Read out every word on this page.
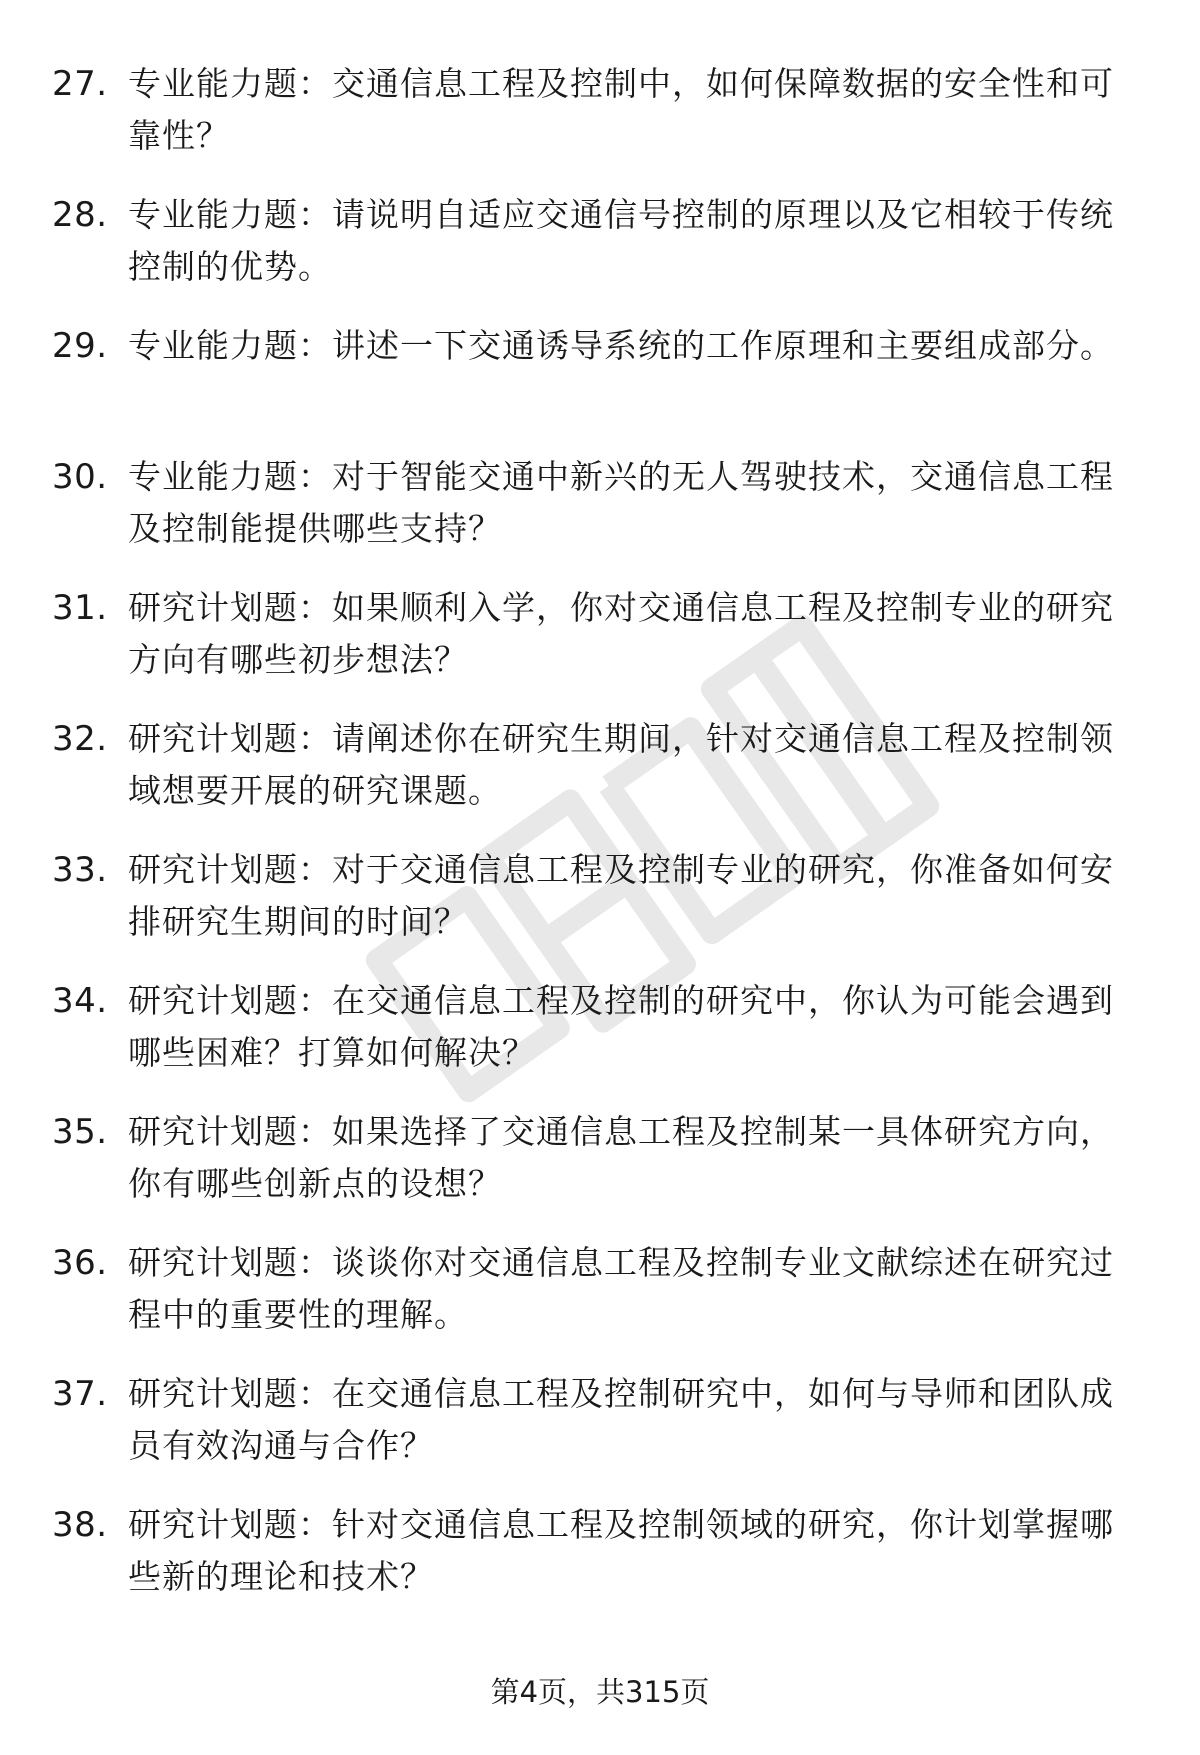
27. 专业能力题：交通信息工程及控制中，如何保障数据的安全性和可靠性？
28. 专业能力题：请说明自适应交通信号控制的原理以及它相较于传统控制的优势。
29. 专业能力题：讲述一下交通诱导系统的工作原理和主要组成部分。
30. 专业能力题：对于智能交通中新兴的无人驾驶技术，交通信息工程及控制能提供哪些支持？
31. 研究计划题：如果顺利入学，你对交通信息工程及控制专业的研究方向有哪些初步想法？
32. 研究计划题：请阐述你在研究生期间，针对交通信息工程及控制领域想要开展的研究课题。
33. 研究计划题：对于交通信息工程及控制专业的研究，你准备如何安排研究生期间的时间？
34. 研究计划题：在交通信息工程及控制的研究中，你认为可能会遇到哪些困难？打算如何解决？
35. 研究计划题：如果选择了交通信息工程及控制某一具体研究方向，你有哪些创新点的设想？
36. 研究计划题：谈谈你对交通信息工程及控制专业文献综述在研究过程中的重要性的理解。
37. 研究计划题：在交通信息工程及控制研究中，如何与导师和团队成员有效沟通与合作？
38. 研究计划题：针对交通信息工程及控制领域的研究，你计划掌握哪些新的理论和技术？
第4页，共315页
